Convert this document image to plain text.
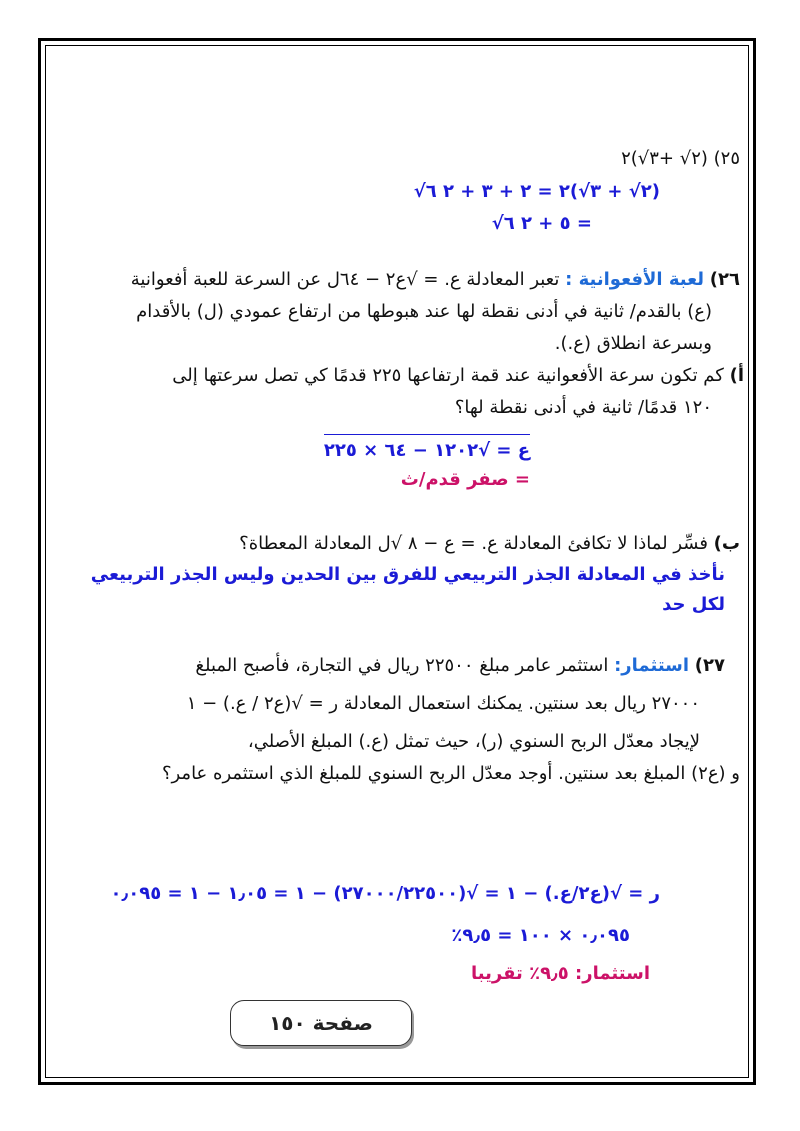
٢٥) (٢√ +٣√)٢
(٢√ + ٣√)٢ = ٢ + ٣ + ٢ ٦√
= ٥ + ٢ ٦√
٢٦) لعبة الأفعوانية : تعبر المعادلة ع. = √ع٢ − ٦٤ل عن السرعة للعبة أفعوانية
(ع) بالقدم/ ثانية في أدنى نقطة لها عند هبوطها من ارتفاع عمودي (ل) بالأقدام
وبسرعة انطلاق (ع.).
أ) كم تكون سرعة الأفعوانية عند قمة ارتفاعها ٢٢٥ قدمًا كي تصل سرعتها إلى
١٢٠ قدمًا/ ثانية في أدنى نقطة لها؟
ع = √١٢٠٢ − ٦٤ × ٢٢٥
= صفر قدم/ث
ب) فسِّر لماذا لا تكافئ المعادلة ع. = ع − ٨ √ل المعادلة المعطاة؟
نأخذ في المعادلة الجذر التربيعي للفرق بين الحدين وليس الجذر التربيعي
لكل حد
٢٧) استثمار: استثمر عامر مبلغ ٢٢٥٠٠ ريال في التجارة، فأصبح المبلغ
٢٧٠٠٠ ريال بعد سنتين. يمكنك استعمال المعادلة ر = √(ع٢ / ع.) − ١
لإيجاد معدّل الربح السنوي (ر)، حيث تمثل (ع.) المبلغ الأصلي،
و (ع٢) المبلغ بعد سنتين. أوجد معدّل الربح السنوي للمبلغ الذي استثمره عامر؟
ر = √(ع٢/ع.) − ١ = √(٢٧٠٠٠/٢٢٥٠٠) − ١ = ١٫٠٥ − ١ = ٠٫٠٩٥
٠٫٠٩٥ × ١٠٠ = ٩٫٥٪
استثمار: ٩٫٥٪ تقريبا
صفحة ١٥٠
